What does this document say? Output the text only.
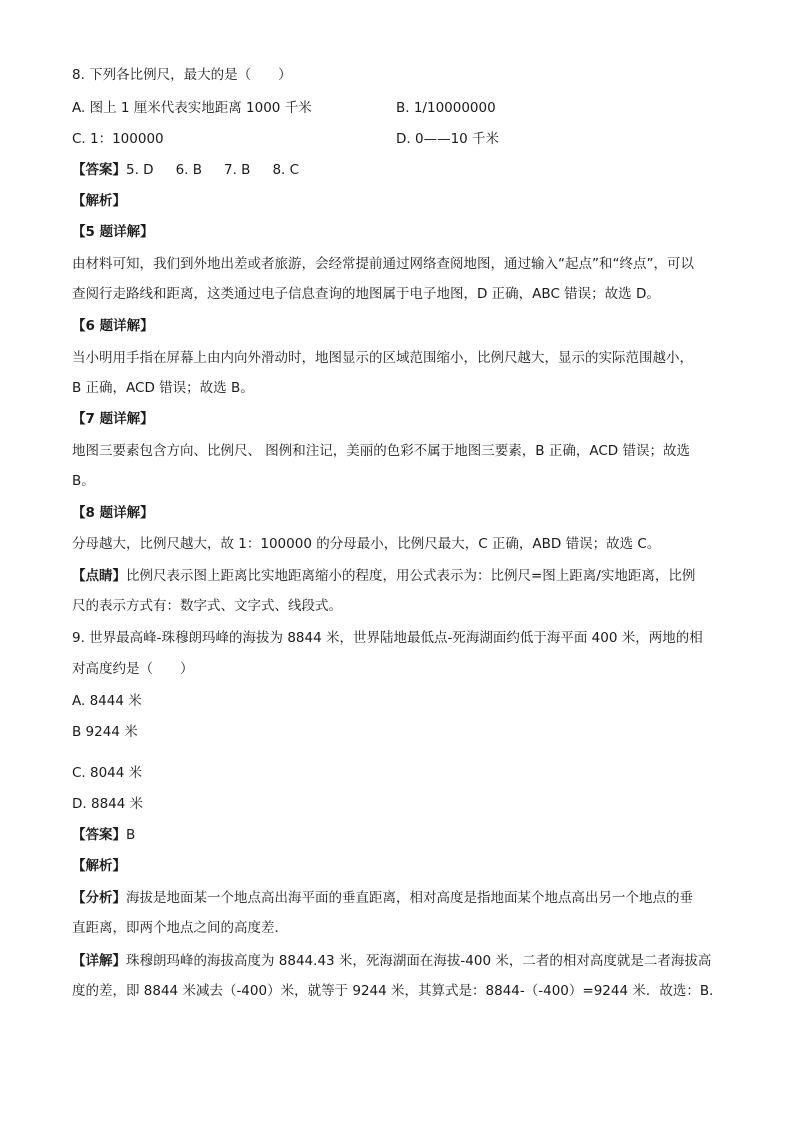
8. 下列各比例尺，最大的是（　　）
A. 图上 1 厘米代表实地距离 1000 千米	B. 1/10000000
C. 1：100000	D. 0——10 千米
【答案】5. D 6. B 7. B 8. C
【解析】
【5 题详解】
由材料可知，我们到外地出差或者旅游，会经常提前通过网络查阅地图，通过输入“起点”和“终点”，可以
查阅行走路线和距离，这类通过电子信息查询的地图属于电子地图，D 正确，ABC 错误；故选 D。
【6 题详解】
当小明用手指在屏幕上由内向外滑动时，地图显示的区域范围缩小，比例尺越大，显示的实际范围越小，
B 正确，ACD 错误；故选 B。
【7 题详解】
地图三要素包含方向、比例尺、 图例和注记，美丽的色彩不属于地图三要素，B 正确，ACD 错误；故选
B。
【8 题详解】
分母越大，比例尺越大，故 1：100000 的分母最小，比例尺最大，C 正确，ABD 错误；故选 C。
【点睛】比例尺表示图上距离比实地距离缩小的程度，用公式表示为：比例尺=图上距离/实地距离，比例
尺的表示方式有：数字式、文字式、线段式。
9. 世界最高峰-珠穆朗玛峰的海拔为 8844 米，世界陆地最低点-死海湖面约低于海平面 400 米，两地的相
对高度约是（　　）
A. 8444 米
B 9244 米
C. 8044 米
D. 8844 米
【答案】B
【解析】
【分析】海拔是地面某一个地点高出海平面的垂直距离，相对高度是指地面某个地点高出另一个地点的垂
直距离，即两个地点之间的高度差．
【详解】珠穆朗玛峰的海拔高度为 8844.43 米，死海湖面在海拔-400 米，二者的相对高度就是二者海拔高
度的差，即 8844 米减去（-400）米，就等于 9244 米，其算式是：8844-（-400）=9244 米．故选：B．
